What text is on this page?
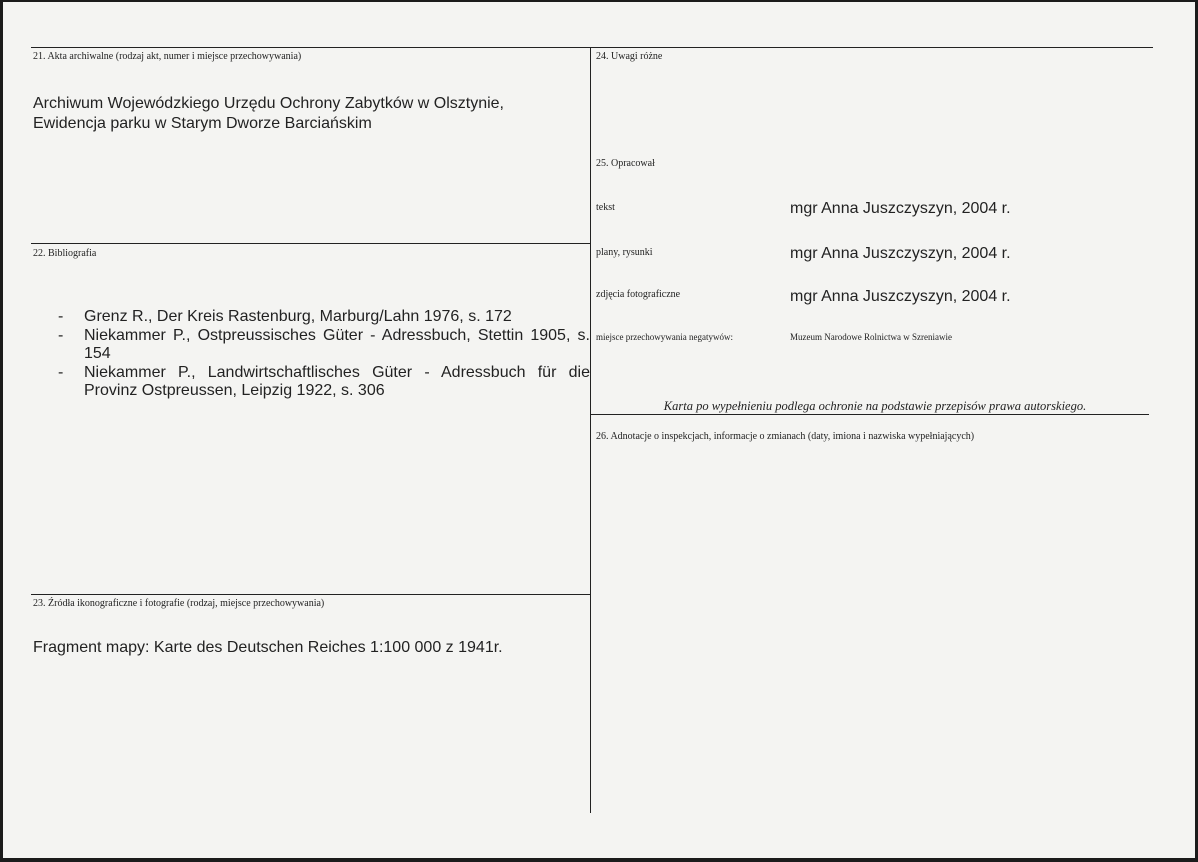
21. Akta archiwalne (rodzaj akt, numer i miejsce przechowywania)
Archiwum Wojewódzkiego Urzędu Ochrony Zabytków w Olsztynie, Ewidencja parku w Starym Dworze Barciańskim
22. Bibliografia
- Grenz R., Der Kreis Rastenburg, Marburg/Lahn 1976, s. 172
- Niekammer P., Ostpreussisches Güter - Adressbuch, Stettin 1905, s. 154
- Niekammer P., Landwirtschaftlisches Güter - Adressbuch für die Provinz Ostpreussen, Leipzig 1922, s. 306
23. Źródła ikonograficzne i fotografie (rodzaj, miejsce przechowywania)
Fragment mapy: Karte des Deutschen Reiches 1:100 000 z 1941r.
24. Uwagi różne
25. Opracował
tekst	mgr Anna Juszczyszyn, 2004 r.
plany, rysunki	mgr Anna Juszczyszyn, 2004 r.
zdjęcia fotograficzne	mgr Anna Juszczyszyn, 2004 r.
miejsce przechowywania negatywów:	Muzeum Narodowe Rolnictwa w Szreniawie
Karta po wypełnieniu podlega ochronie na podstawie przepisów prawa autorskiego.
26. Adnotacje o inspekcjach, informacje o zmianach (daty, imiona i nazwiska wypełniających)
